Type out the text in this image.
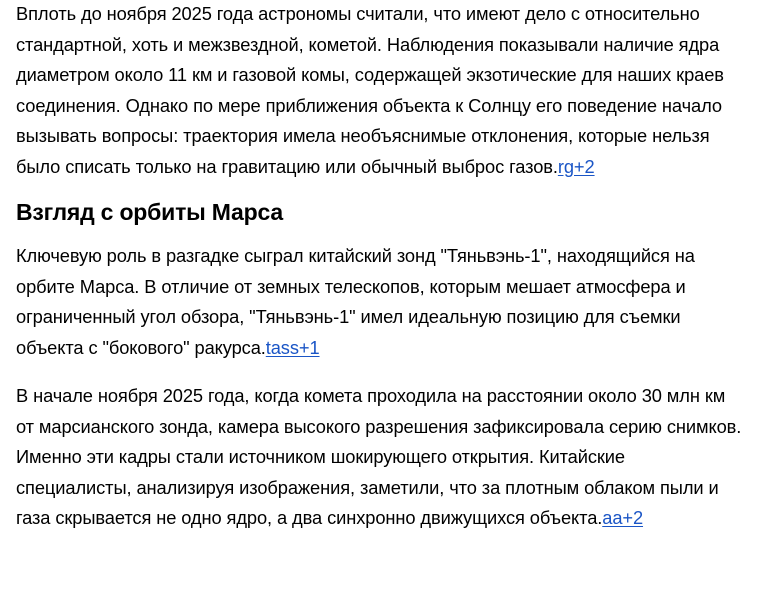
Вплоть до ноября 2025 года астрономы считали, что имеют дело с относительно стандартной, хоть и межзвездной, кометой. Наблюдения показывали наличие ядра диаметром около 11 км и газовой комы, содержащей экзотические для наших краев соединения. Однако по мере приближения объекта к Солнцу его поведение начало вызывать вопросы: траектория имела необъяснимые отклонения, которые нельзя было списать только на гравитацию или обычный выброс газов.rg+2

Взгляд с орбиты Марса

Ключевую роль в разгадке сыграл китайский зонд "Тяньвэнь-1", находящийся на орбите Марса. В отличие от земных телескопов, которым мешает атмосфера и ограниченный угол обзора, "Тяньвэнь-1" имел идеальную позицию для съемки объекта с "бокового" ракурса.tass+1

В начале ноября 2025 года, когда комета проходила на расстоянии около 30 млн км от марсианского зонда, камера высокого разрешения зафиксировала серию снимков. Именно эти кадры стали источником шокирующего открытия. Китайские специалисты, анализируя изображения, заметили, что за плотным облаком пыли и газа скрывается не одно ядро, а два синхронно движущихся объекта.aa+2
